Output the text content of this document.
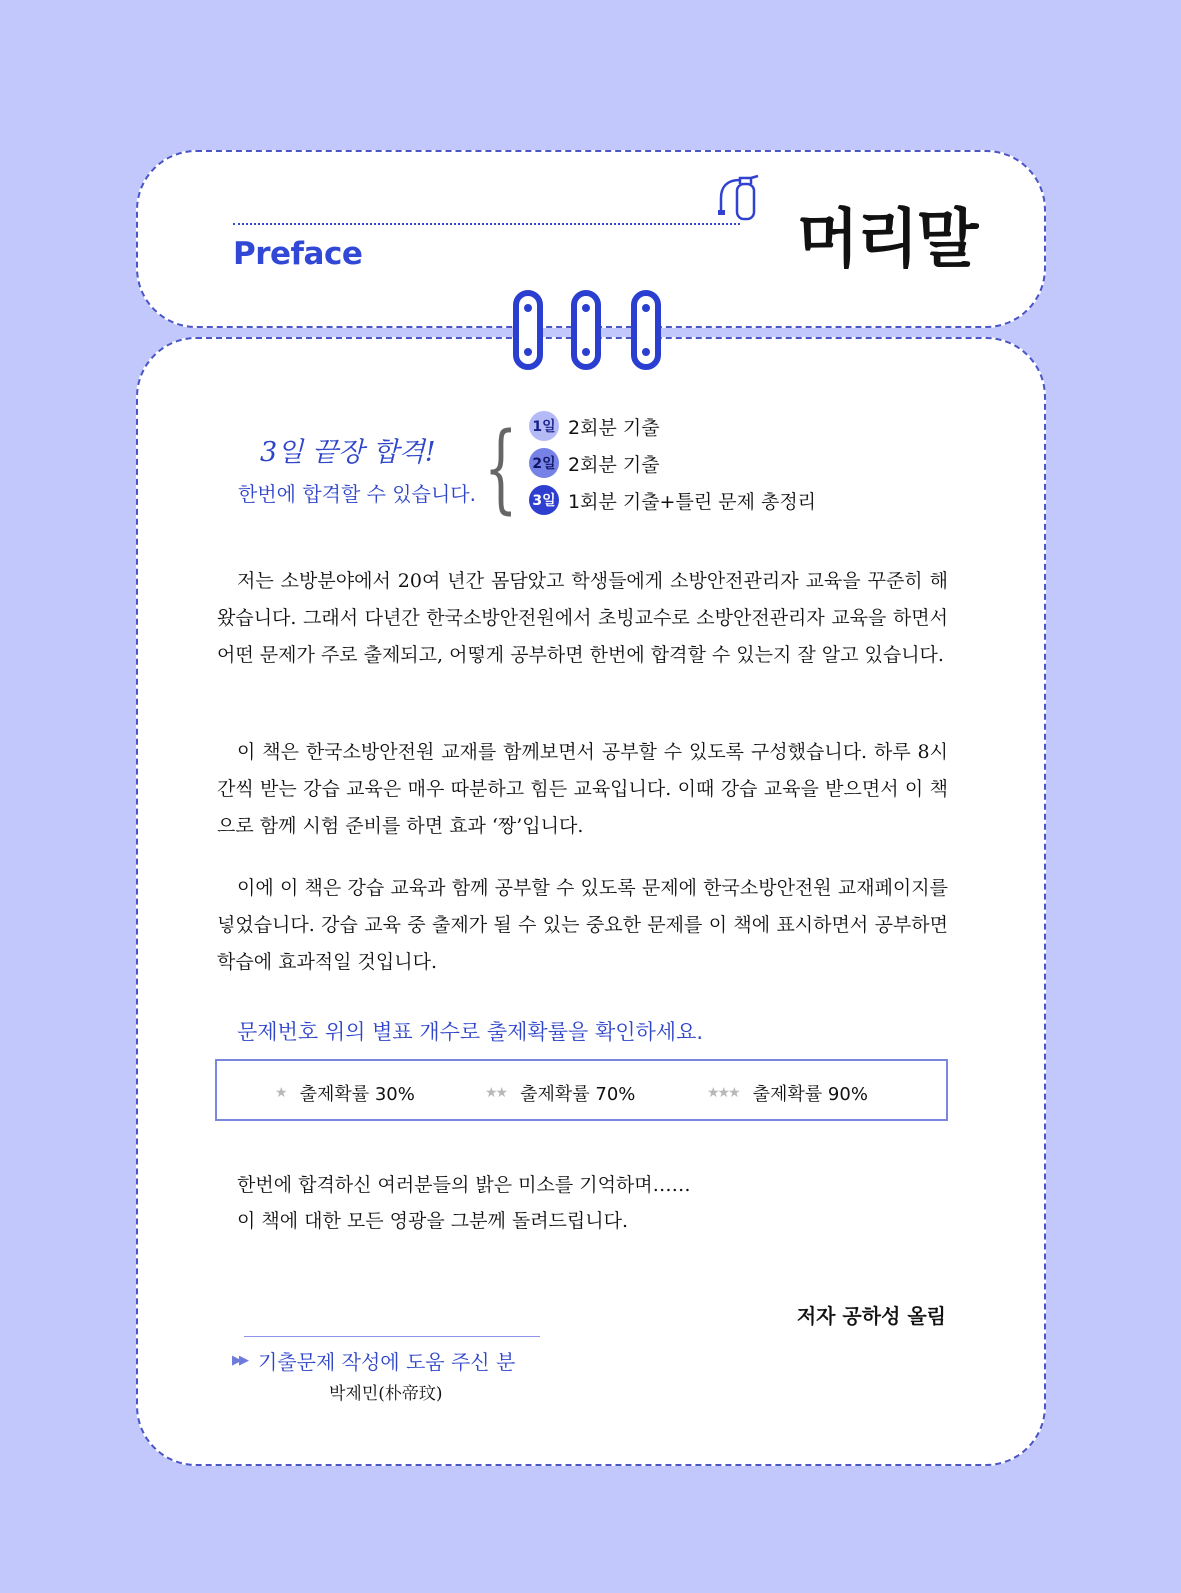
Preface	머리말
3일 끝장 합격!
한번에 합격할 수 있습니다. { 1일 2회분 기출
2일 2회분 기출
3일 1회분 기출+틀린 문제 총정리

저는 소방분야에서 20여 년간 몸담았고 학생들에게 소방안전관리자 교육을 꾸준히 해왔습니다. 그래서 다년간 한국소방안전원에서 초빙교수로 소방안전관리자 교육을 하면서 어떤 문제가 주로 출제되고, 어떻게 공부하면 한번에 합격할 수 있는지 잘 알고 있습니다.

이 책은 한국소방안전원 교재를 함께보면서 공부할 수 있도록 구성했습니다. 하루 8시간씩 받는 강습 교육은 매우 따분하고 힘든 교육입니다. 이때 강습 교육을 받으면서 이 책으로 함께 시험 준비를 하면 효과 ‘짱’입니다.

이에 이 책은 강습 교육과 함께 공부할 수 있도록 문제에 한국소방안전원 교재페이지를 넣었습니다. 강습 교육 중 출제가 될 수 있는 중요한 문제를 이 책에 표시하면서 공부하면 학습에 효과적일 것입니다.

문제번호 위의 별표 개수로 출제확률을 확인하세요.
★ 출제확률 30%	★★ 출제확률 70%	★★★ 출제확률 90%
한번에 합격하신 여러분들의 밝은 미소를 기억하며……
이 책에 대한 모든 영광을 그분께 돌려드립니다.
저자 공하성 올림
▶▶ 기출문제 작성에 도움 주신 분
박제민(朴帝玟)
